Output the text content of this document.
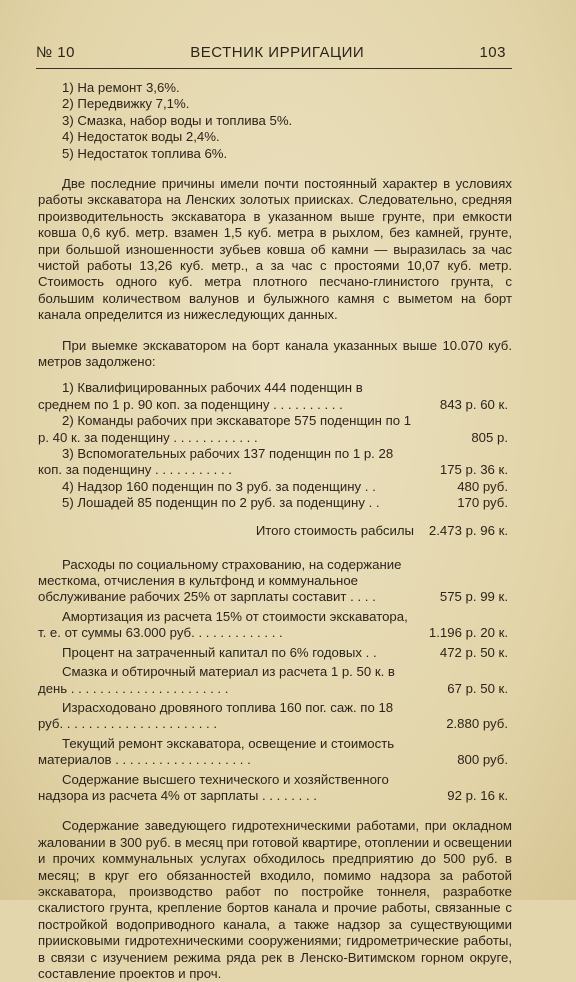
№ 10	ВЕСТНИК ИРРИГАЦИИ	103
1) На ремонт 3,6%.
2) Передвижку 7,1%.
3) Смазка, набор воды и топлива 5%.
4) Недостаток воды 2,4%.
5) Недостаток топлива 6%.

Две последние причины имели почти постоянный характер в условиях работы экскаватора на Ленских золотых приисках. Следовательно, средняя производительность экскаватора в указанном выше грунте, при емкости ковша 0,6 куб. метр. взамен 1,5 куб. метра в рыхлом, без камней, грунте, при большой изношенности зубьев ковша об камни — выразилась за час чистой работы 13,26 куб. метр., а за час с простоями 10,07 куб. метр. Стоимость одного куб. метра плотного песчано-глинистого грунта, с большим количеством валунов и булыжного камня с выметом на борт канала определится из нижеследующих данных.

При выемке экскаватором на борт канала указанных выше 10.070 куб. метров задолжено:

1) Квалифицированных рабочих 444 поденщин в среднем по 1 р. 90 коп. за поденщину . . . . . . . . . .	843 р. 60 к.
2) Команды рабочих при экскаваторе 575 поденщин по 1 р. 40 к. за поденщину . . . . . . . . . . . .	805 р.
3) Вспомогательных рабочих 137 поденщин по 1 р. 28 коп. за поденщину . . . . . . . . . . .	175 р. 36 к.
4) Надзор 160 поденщин по 3 руб. за поденщину . .	480 руб.
5) Лошадей 85 поденщин по 2 руб. за поденщину . .	170 руб.
Итого стоимость рабсилы 2.473 р. 96 к.
Расходы по социальному страхованию, на содержание месткома, отчисления в культфонд и коммунальное обслуживание рабочих 25% от зарплаты составит . . . .	575 р. 99 к.
Амортизация из расчета 15% от стоимости экскаватора, т. е. от суммы 63.000 руб. . . . . . . . . . . . .	1.196 р. 20 к.
Процент на затраченный капитал по 6% годовых . .	472 р. 50 к.
Смазка и обтирочный материал из расчета 1 р. 50 к. в день . . . . . . . . . . . . . . . . . . . . . .	67 р. 50 к.
Израсходовано дровяного топлива 160 пог. саж. по 18 руб. . . . . . . . . . . . . . . . . . . . . .	2.880 руб.
Текущий ремонт экскаватора, освещение и стоимость материалов . . . . . . . . . . . . . . . . . . .	800 руб.
Содержание высшего технического и хозяйственного надзора из расчета 4% от зарплаты . . . . . . . .	92 р. 16 к.

Содержание заведующего гидротехническими работами, при окладном жаловании в 300 руб. в месяц при готовой квартире, отоплении и освещении и прочих коммунальных услугах обходилось предприятию до 500 руб. в месяц; в круг его обязанностей входило, помимо надзора за работой экскаватора, производство работ по постройке тоннеля, разработке скалистого грунта, крепление бортов канала и прочие работы, связанные с постройкой водоприводного канала, а также надзор за существующими приисковыми гидротехническими сооружениями; гидрометрические работы, в связи с изучением режима ряда рек в Ленско-Витимском горном округе, составление проектов и проч.
